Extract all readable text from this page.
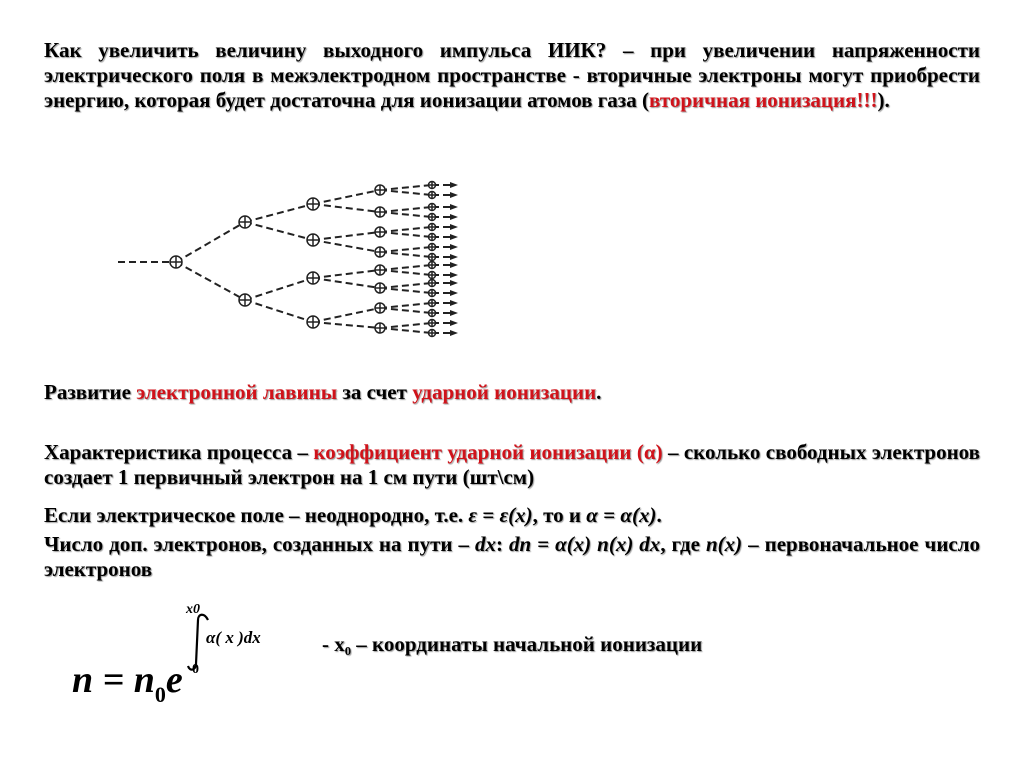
Как увеличить величину выходного импульса ИИК? – при увеличении напряженности электрического поля в межэлектродном пространстве - вторичные электроны могут приобрести энергию, которая будет достаточна для ионизации атомов газа (вторичная ионизация!!!).
Развитие электронной лавины за счет ударной ионизации.
Характеристика процесса – коэффициент ударной ионизации (α) – сколько свободных электронов создает 1 первичный электрон на 1 см пути (шт\см)
Если электрическое поле – неоднородно, т.е. ε = ε(x), то и α = α(x).
Число доп. электронов, созданных на пути – dx: dn = α(x) n(x) dx, где n(x) – первоначальное число электронов
$n = n_0e$
x0
0
α( x )dx	- x₀ – координаты начальной ионизации
